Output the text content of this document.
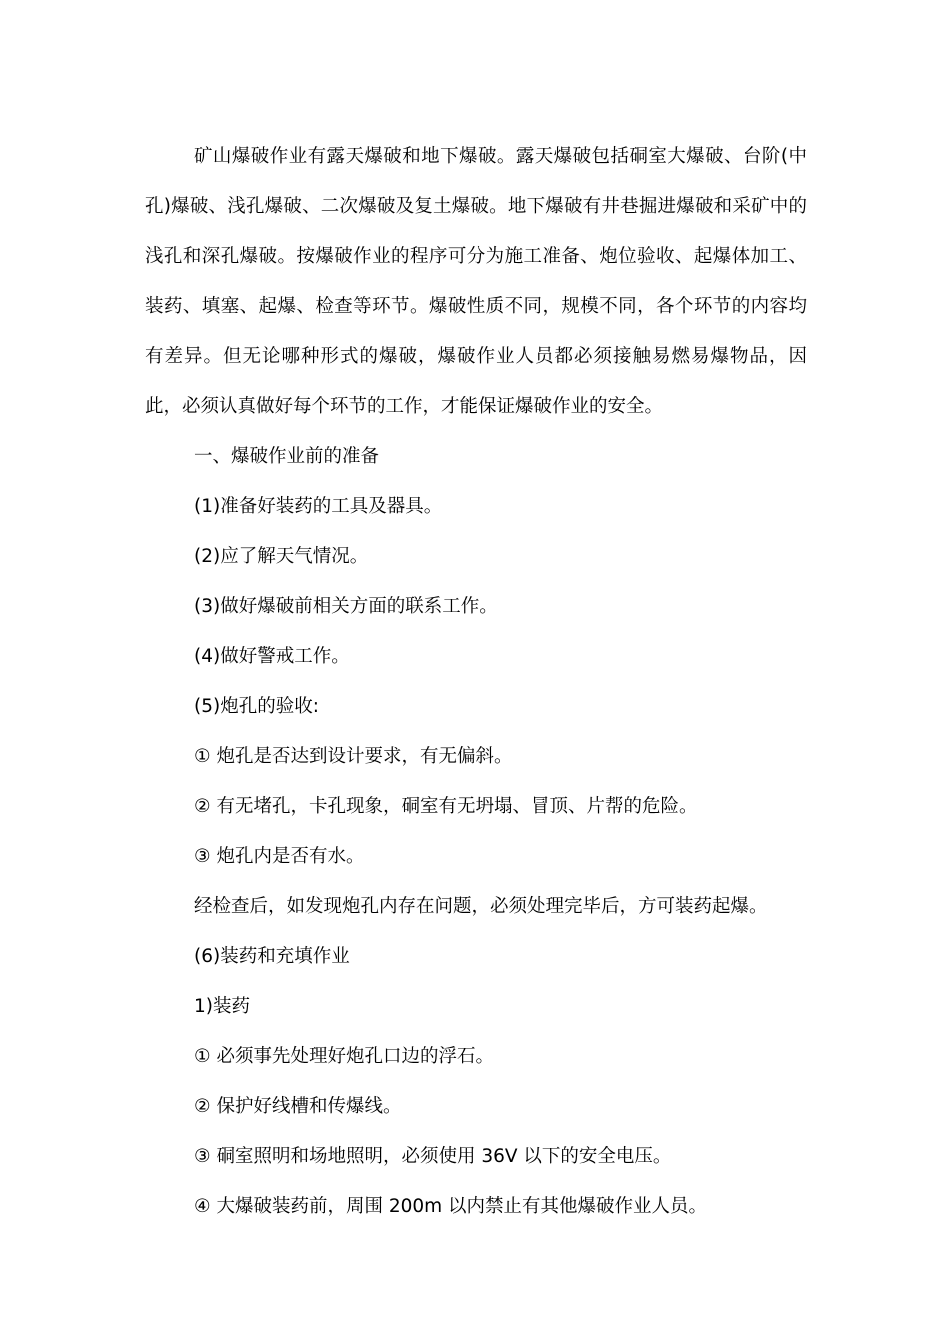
矿山爆破作业有露天爆破和地下爆破。露天爆破包括硐室大爆破、台阶(中孔)爆破、浅孔爆破、二次爆破及复土爆破。地下爆破有井巷掘进爆破和采矿中的浅孔和深孔爆破。按爆破作业的程序可分为施工准备、炮位验收、起爆体加工、装药、填塞、起爆、检查等环节。爆破性质不同，规模不同，各个环节的内容均有差异。但无论哪种形式的爆破，爆破作业人员都必须接触易燃易爆物品，因此，必须认真做好每个环节的工作，才能保证爆破作业的安全。

一、爆破作业前的准备

(1)准备好装药的工具及器具。

(2)应了解天气情况。

(3)做好爆破前相关方面的联系工作。

(4)做好警戒工作。

(5)炮孔的验收:

① 炮孔是否达到设计要求，有无偏斜。

② 有无堵孔，卡孔现象，硐室有无坍塌、冒顶、片帮的危险。

③ 炮孔内是否有水。

经检查后，如发现炮孔内存在问题，必须处理完毕后，方可装药起爆。

(6)装药和充填作业

1)装药

① 必须事先处理好炮孔口边的浮石。

② 保护好线槽和传爆线。

③ 硐室照明和场地照明，必须使用 36V 以下的安全电压。

④ 大爆破装药前，周围 200m 以内禁止有其他爆破作业人员。
